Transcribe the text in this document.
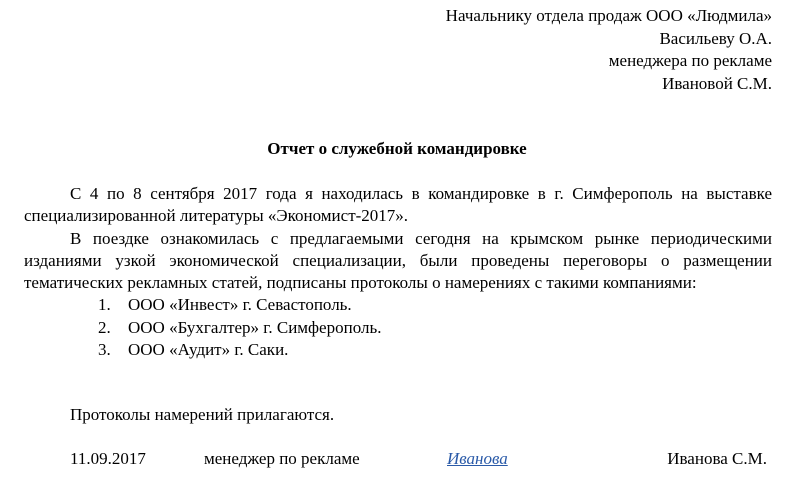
Начальнику отдела продаж ООО «Людмила»
Васильеву О.А.
менеджера по рекламе
Ивановой С.М.
Отчет о служебной командировке

С 4 по 8 сентября 2017 года я находилась в командировке в г. Симферополь на выставке специализированной литературы «Экономист-2017».

В поездке ознакомилась с предлагаемыми сегодня на крымском рынке периодическими изданиями узкой экономической специализации, были проведены переговоры о размещении тематических рекламных статей, подписаны протоколы о намерениях с такими компаниями:

1. ООО «Инвест» г. Севастополь.
2. ООО «Бухгалтер» г. Симферополь.
3. ООО «Аудит» г. Саки.
Протоколы намерений прилагаются.
11.09.2017	менеджер по рекламе	Иванова	Иванова С.М.
